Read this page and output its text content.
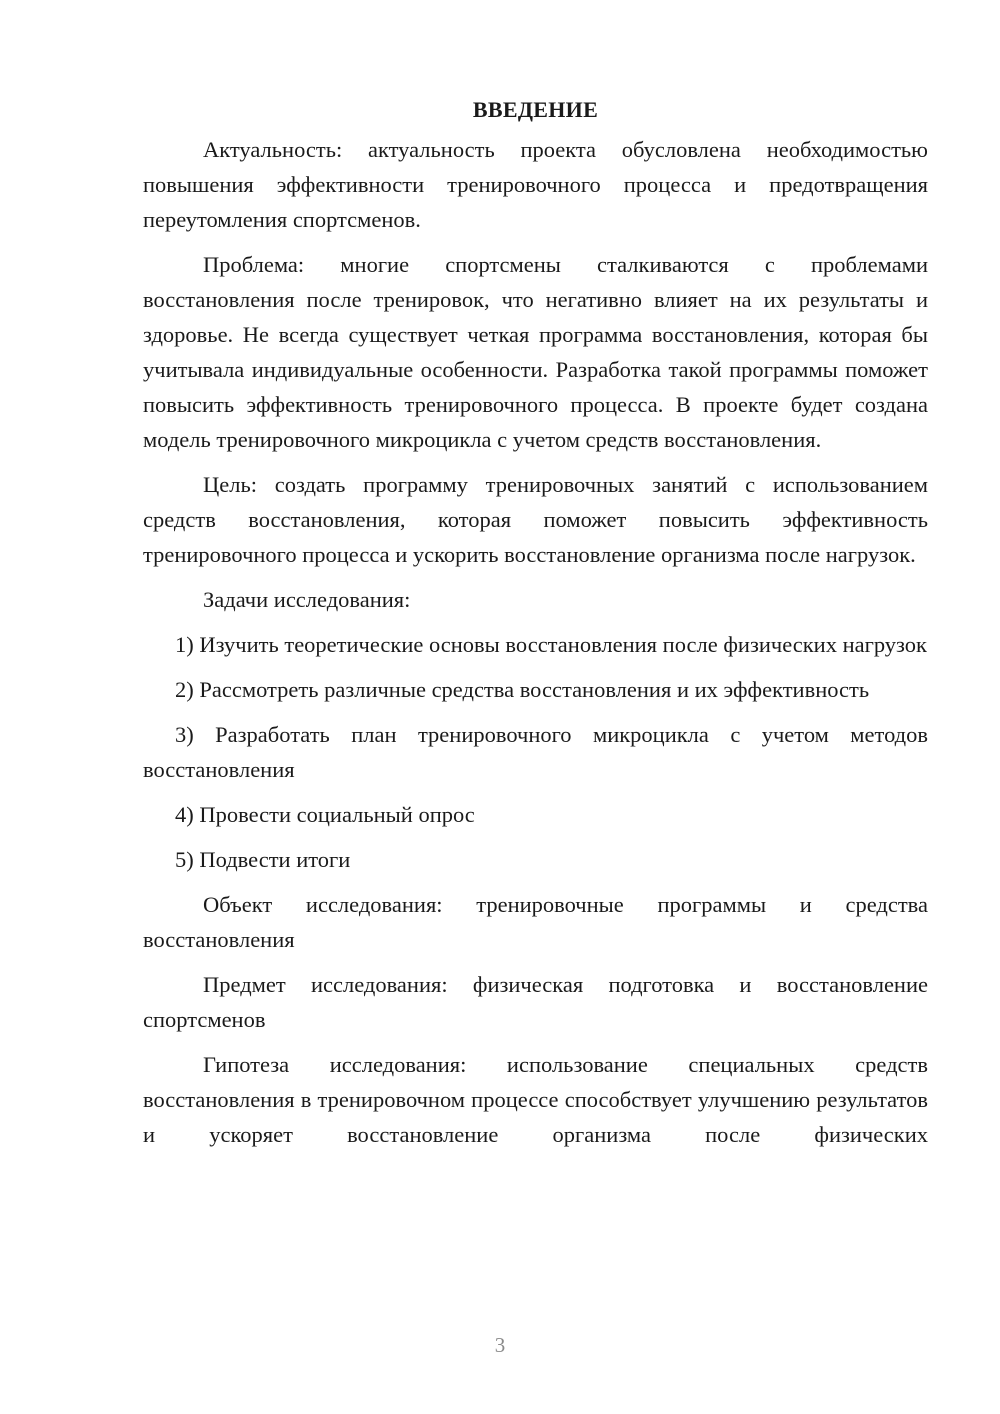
ВВЕДЕНИЕ

Актуальность: актуальность проекта обусловлена необходимостью повышения эффективности тренировочного процесса и предотвращения переутомления спортсменов.

Проблема: многие спортсмены сталкиваются с проблемами восстановления после тренировок, что негативно влияет на их результаты и здоровье. Не всегда существует четкая программа восстановления, которая бы учитывала индивидуальные особенности. Разработка такой программы поможет повысить эффективность тренировочного процесса. В проекте будет создана модель тренировочного микроцикла с учетом средств восстановления.

Цель: создать программу тренировочных занятий с использованием средств восстановления, которая поможет повысить эффективность тренировочного процесса и ускорить восстановление организма после нагрузок.

Задачи исследования:

1) Изучить теоретические основы восстановления после физических нагрузок

2) Рассмотреть различные средства восстановления и их эффективность

3) Разработать план тренировочного микроцикла с учетом методов восстановления

4) Провести социальный опрос

5) Подвести итоги

Объект исследования: тренировочные программы и средства восстановления

Предмет исследования: физическая подготовка и восстановление спортсменов

Гипотеза исследования: использование специальных средств восстановления в тренировочном процессе способствует улучшению результатов и ускоряет восстановление организма после физических

3
